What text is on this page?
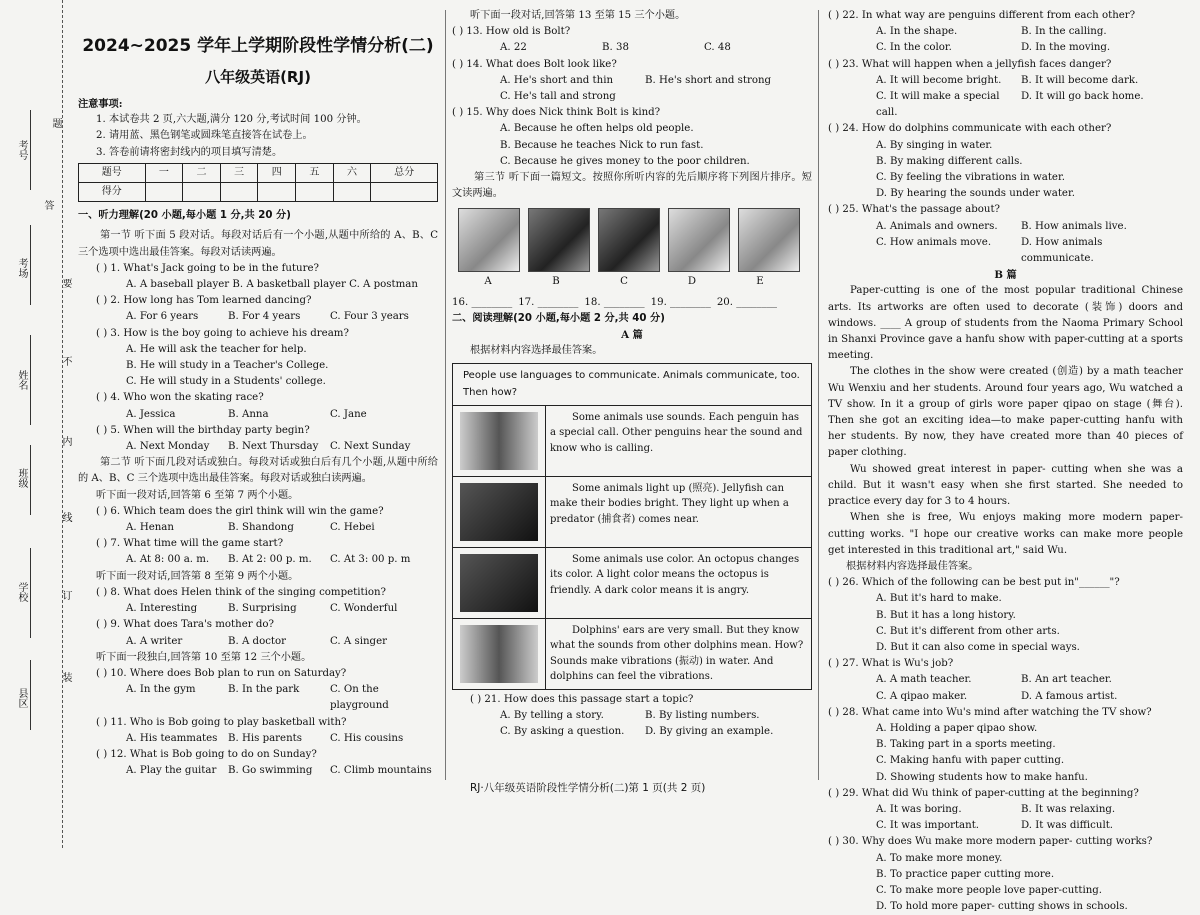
考号
考场
姓名
班级
学校
县区
题
答
要
不
内
线
订
装
2024~2025 学年上学期阶段性学情分析(二)
八年级英语(RJ)
注意事项:
1. 本试卷共 2 页,六大题,满分 120 分,考试时间 100 分钟。
2. 请用蓝、黑色钢笔或圆珠笔直接答在试卷上。
3. 答卷前请将密封线内的项目填写清楚。
题号	一	二	三	四	五	六	总分
得分							
一、听力理解(20 小题,每小题 1 分,共 20 分)
第一节 听下面 5 段对话。每段对话后有一个小题,从题中所给的 A、B、C 三个选项中选出最佳答案。每段对话读两遍。
( ) 1. What's Jack going to be in the future?
A. A baseball player B. A basketball player C. A postman
( ) 2. How long has Tom learned dancing?
A. For 6 years	B. For 4 years	C. Four 3 years
( ) 3. How is the boy going to achieve his dream?
A. He will ask the teacher for help.
B. He will study in a Teacher's College.
C. He will study in a Students' college.
( ) 4. Who won the skating race?
A. Jessica	B. Anna	C. Jane
( ) 5. When will the birthday party begin?
A. Next Monday	B. Next Thursday	C. Next Sunday
第二节 听下面几段对话或独白。每段对话或独白后有几个小题,从题中所给的 A、B、C 三个选项中选出最佳答案。每段对话或独白读两遍。
听下面一段对话,回答第 6 至第 7 两个小题。
( ) 6. Which team does the girl think will win the game?
A. Henan	B. Shandong	C. Hebei
( ) 7. What time will the game start?
A. At 8: 00 a. m.	B. At 2: 00 p. m.	C. At 3: 00 p. m
听下面一段对话,回答第 8 至第 9 两个小题。
( ) 8. What does Helen think of the singing competition?
A. Interesting	B. Surprising	C. Wonderful
( ) 9. What does Tara's mother do?
A. A writer	B. A doctor	C. A singer
听下面一段独白,回答第 10 至第 12 三个小题。
( ) 10. Where does Bob plan to run on Saturday?
A. In the gym	B. In the park	C. On the playground
( ) 11. Who is Bob going to play basketball with?
A. His teammates	B. His parents	C. His cousins
( ) 12. What is Bob going to do on Sunday?
A. Play the guitar	B. Go swimming	C. Climb mountains
听下面一段对话,回答第 13 至第 15 三个小题。
( ) 13. How old is Bolt?
A. 22	B. 38	C. 48
( ) 14. What does Bolt look like?
A. He's short and thin	B. He's short and strong
C. He's tall and strong
( ) 15. Why does Nick think Bolt is kind?
A. Because he often helps old people.
B. Because he teaches Nick to run fast.
C. Because he gives money to the poor children.
第三节 听下面一篇短文。按照你所听内容的先后顺序将下列图片排序。短文读两遍。
A	B	C	D	E
16. ________ 17. ________ 18. ________ 19. ________ 20. ________
二、阅读理解(20 小题,每小题 2 分,共 40 分)
A 篇
根据材料内容选择最佳答案。
People use languages to communicate. Animals communicate, too. Then how?
Some animals use sounds. Each penguin has a special call. Other penguins hear the sound and know who is calling.
Some animals light up (照亮). Jellyfish can make their bodies bright. They light up when a predator (捕食者) comes near.
Some animals use color. An octopus changes its color. A light color means the octopus is friendly. A dark color means it is angry.
Dolphins' ears are very small. But they know what the sounds from other dolphins mean. How? Sounds make vibrations (振动) in water. And dolphins can feel the vibrations.
( ) 21. How does this passage start a topic?
A. By telling a story.	B. By listing numbers.
C. By asking a question.	D. By giving an example.
( ) 22. In what way are penguins different from each other?
A. In the shape.	B. In the calling.
C. In the color.	D. In the moving.
( ) 23. What will happen when a jellyfish faces danger?
A. It will become bright.	B. It will become dark.
C. It will make a special call.
D. It will go back home.
( ) 24. How do dolphins communicate with each other?
A. By singing in water.
B. By making different calls.
C. By feeling the vibrations in water.
D. By hearing the sounds under water.
( ) 25. What's the passage about?
A. Animals and owners.	B. How animals live.
C. How animals move.	D. How animals communicate.
B 篇
Paper-cutting is one of the most popular traditional Chinese arts. Its artworks are often used to decorate (装饰) doors and windows. ____ A group of students from the Naoma Primary School in Shanxi Province gave a hanfu show with paper-cutting at a sports meeting.
The clothes in the show were created (创造) by a math teacher Wu Wenxiu and her students. Around four years ago, Wu watched a TV show. In it a group of girls wore paper qipao on stage (舞台). Then she got an exciting idea—to make paper-cutting hanfu with her students. By now, they have created more than 40 pieces of paper clothing.
Wu showed great interest in paper- cutting when she was a child. But it wasn't easy when she first started. She needed to practice every day for 3 to 4 hours.
When she is free, Wu enjoys making more modern paper- cutting works. "I hope our creative works can make more people get interested in this traditional art," said Wu.
根据材料内容选择最佳答案。
( ) 26. Which of the following can be best put in"______"?
A. But it's hard to make.
B. But it has a long history.
C. But it's different from other arts.
D. But it can also come in special ways.
( ) 27. What is Wu's job?
A. A math teacher.	B. An art teacher.
C. A qipao maker.	D. A famous artist.
( ) 28. What came into Wu's mind after watching the TV show?
A. Holding a paper qipao show.
B. Taking part in a sports meeting.
C. Making hanfu with paper cutting.
D. Showing students how to make hanfu.
( ) 29. What did Wu think of paper-cutting at the beginning?
A. It was boring.	B. It was relaxing.
C. It was important.	D. It was difficult.
( ) 30. Why does Wu make more modern paper- cutting works?
A. To make more money.
B. To practice paper cutting more.
C. To make more people love paper-cutting.
D. To hold more paper- cutting shows in schools.
RJ·八年级英语阶段性学情分析(二)第 1 页(共 2 页)
